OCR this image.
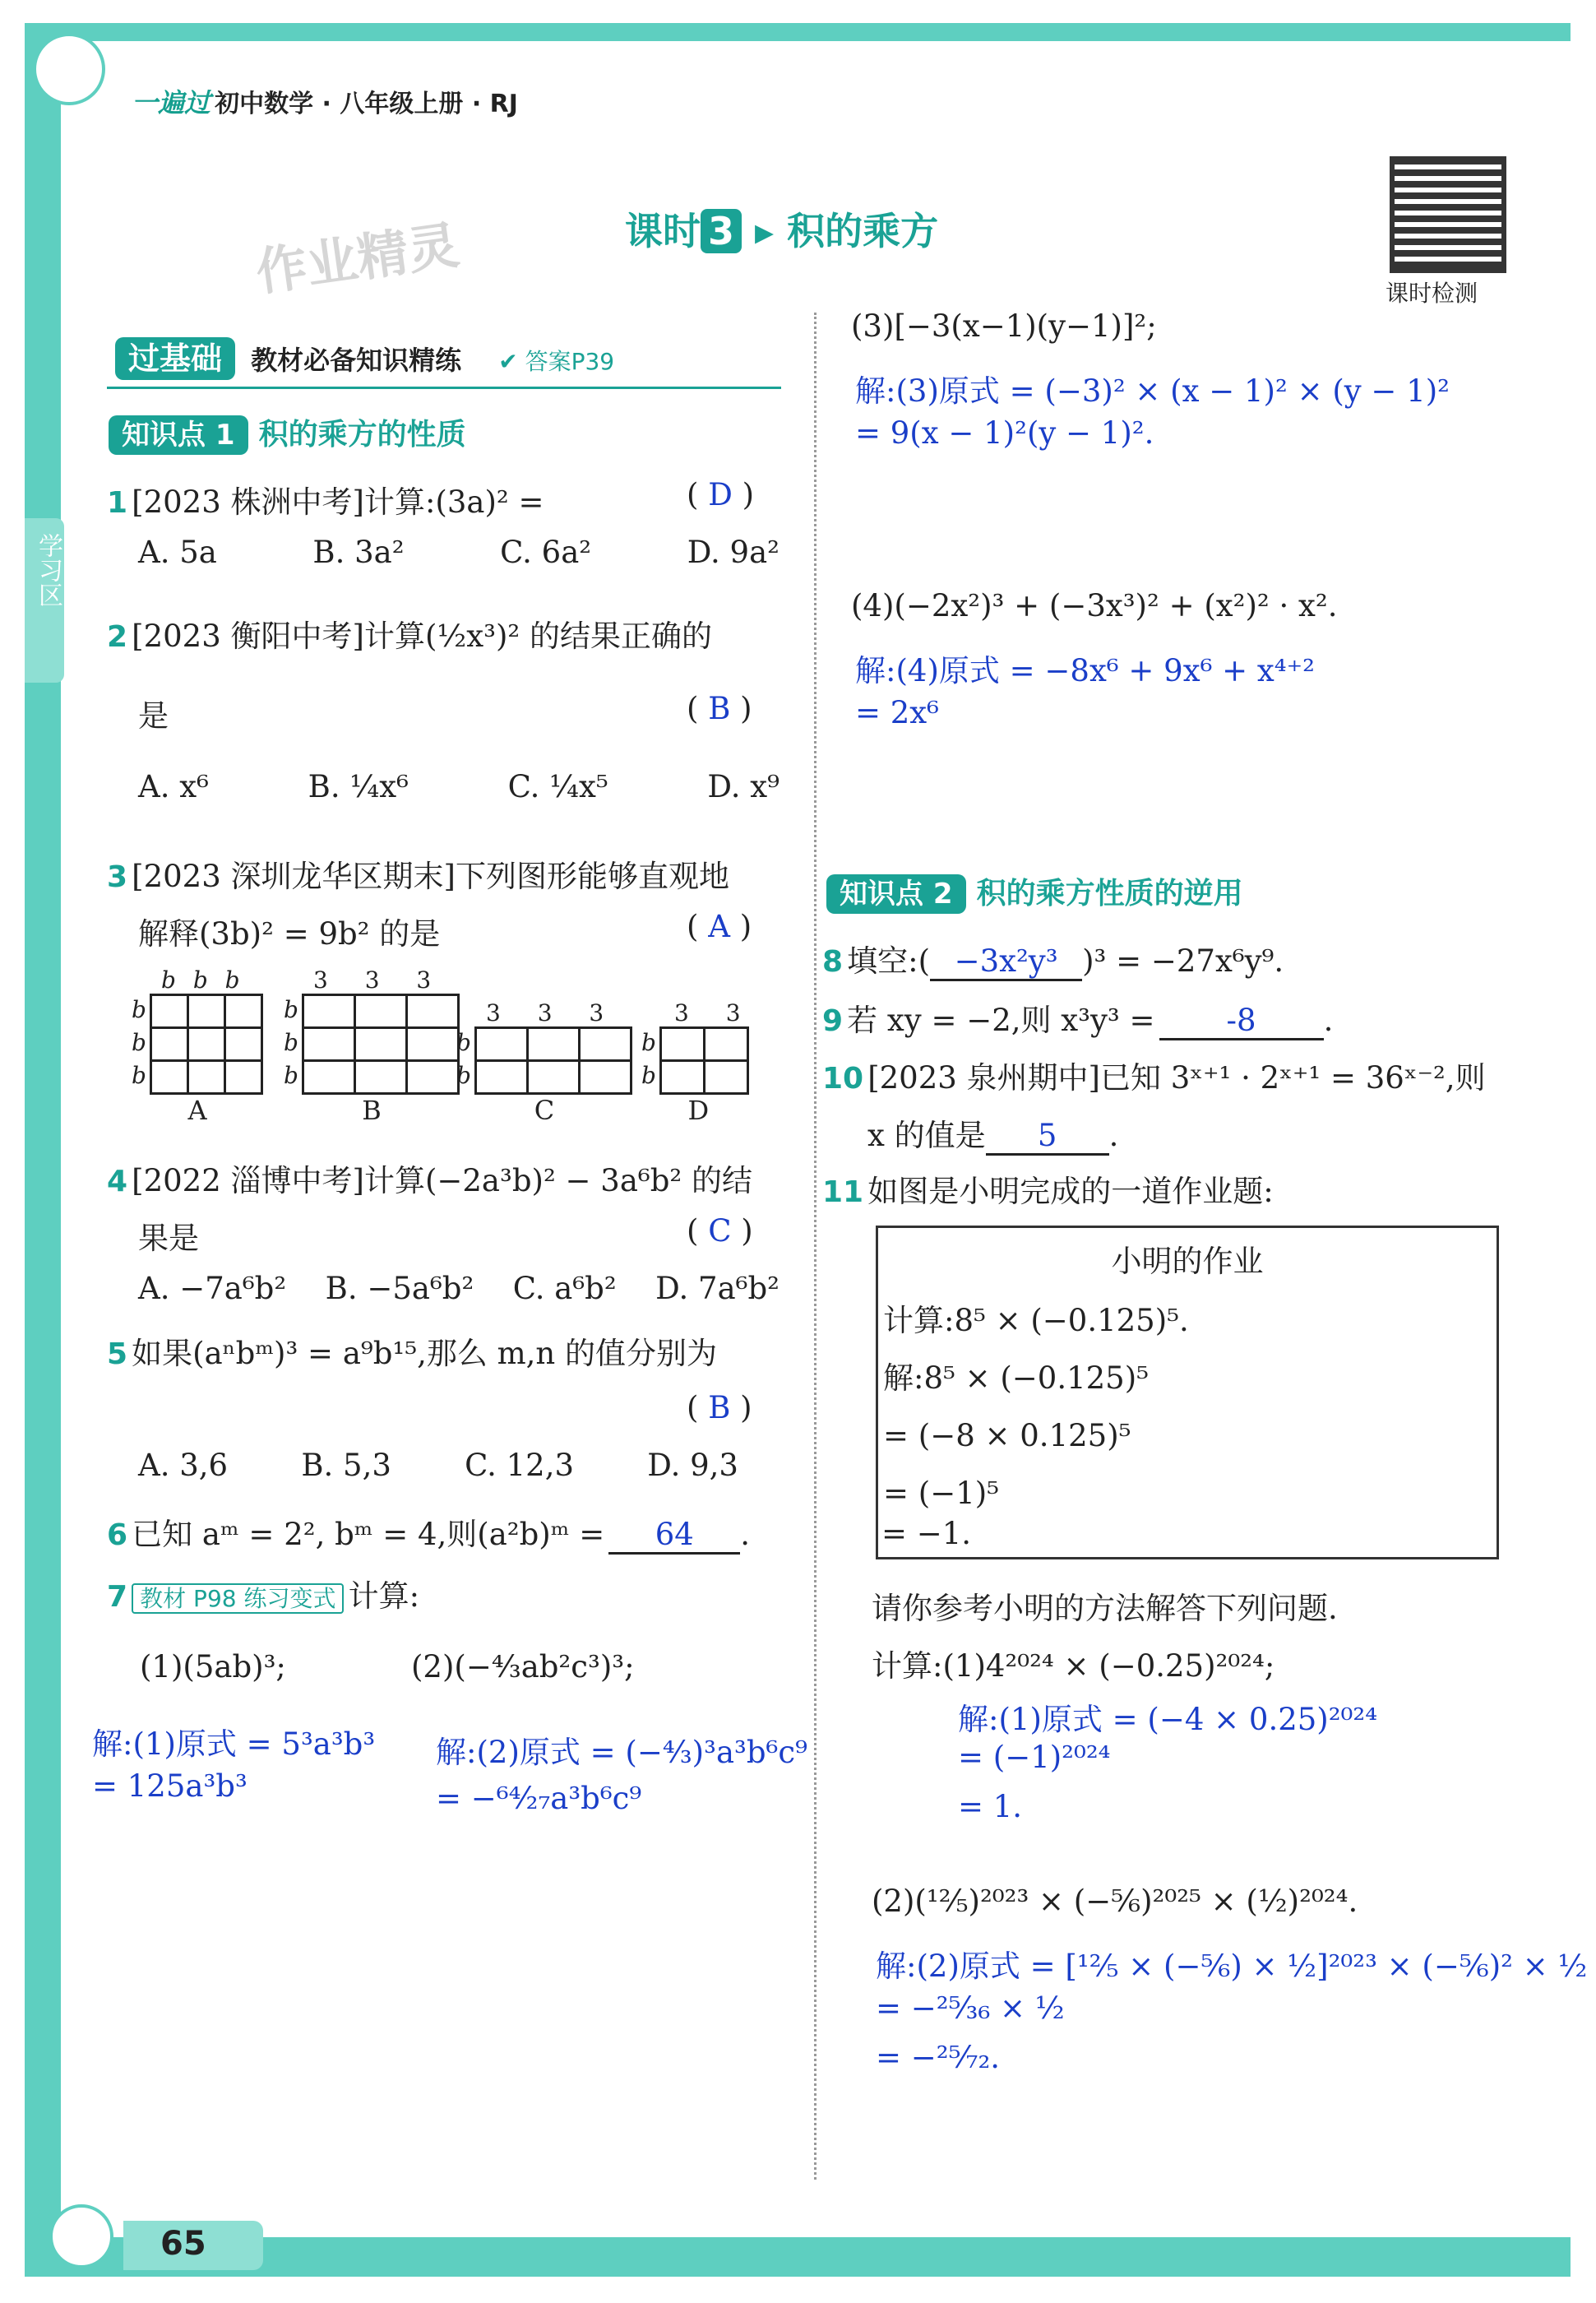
学习区
一遍过 初中数学 · 八年级上册 · RJ
课时 3 ▸ 积的乘方
作业精灵	课时检测
过基础 教材必备知识精练 ✔ 答案P39
知识点 1 积的乘方的性质
1 [2023 株洲中考]计算:(3a)² =	( D )
A. 5a	B. 3a²	C. 6a²	D. 9a²
2 [2023 衡阳中考]计算(½x³)² 的结果正确的
是	( B )
A. x⁶	B. ¼x⁶	C. ¼x⁵	D. x⁹
3 [2023 深圳龙华区期末]下列图形能够直观地
解释(3b)² = 9b² 的是	( A )
b b b
b b b

A
3 3 3
b b b

B
3 3 3
b b

C
3 3
b b

D
4 [2022 淄博中考]计算(−2a³b)² − 3a⁶b² 的结
果是	( C )
A. −7a⁶b² B. −5a⁶b² C. a⁶b² D. 7a⁶b²
5 如果(aⁿbᵐ)³ = a⁹b¹⁵,那么 m,n 的值分别为
( B )
A. 3,6 B. 5,3 C. 12,3 D. 9,3
6 已知 aᵐ = 2², bᵐ = 4,则(a²b)ᵐ = 64 .
7 教材 P98 练习变式 计算:
(1)(5ab)³;	(2)(−⁴⁄₃ab²c³)³;
解:(1)原式 = 5³a³b³
= 125a³b³
解:(2)原式 = (−⁴⁄₃)³a³b⁶c⁹
= −⁶⁴⁄₂₇a³b⁶c⁹
(3)[−3(x−1)(y−1)]²;
解:(3)原式 = (−3)² × (x − 1)² × (y − 1)²
= 9(x − 1)²(y − 1)².
(4)(−2x²)³ + (−3x³)² + (x²)² · x².
解:(4)原式 = −8x⁶ + 9x⁶ + x⁴⁺²
= 2x⁶
知识点 2 积的乘方性质的逆用
8 填空:( −3x²y³ )³ = −27x⁶y⁹.
9 若 xy = −2,则 x³y³ = -8 .
10 [2023 泉州期中]已知 3ˣ⁺¹ · 2ˣ⁺¹ = 36ˣ⁻²,则
x 的值是 5 .
11 如图是小明完成的一道作业题:
小明的作业
计算:8⁵ × (−0.125)⁵.
解:8⁵ × (−0.125)⁵
= (−8 × 0.125)⁵
= (−1)⁵
= −1.
请你参考小明的方法解答下列问题.
计算:(1)4²⁰²⁴ × (−0.25)²⁰²⁴;
解:(1)原式 = (−4 × 0.25)²⁰²⁴
= (−1)²⁰²⁴
= 1.
(2)(¹²⁄₅)²⁰²³ × (−⁵⁄₆)²⁰²⁵ × (½)²⁰²⁴.
解:(2)原式 = [¹²⁄₅ × (−⁵⁄₆) × ½]²⁰²³ × (−⁵⁄₆)² × ½
= −²⁵⁄₃₆ × ½
= −²⁵⁄₇₂.
65
